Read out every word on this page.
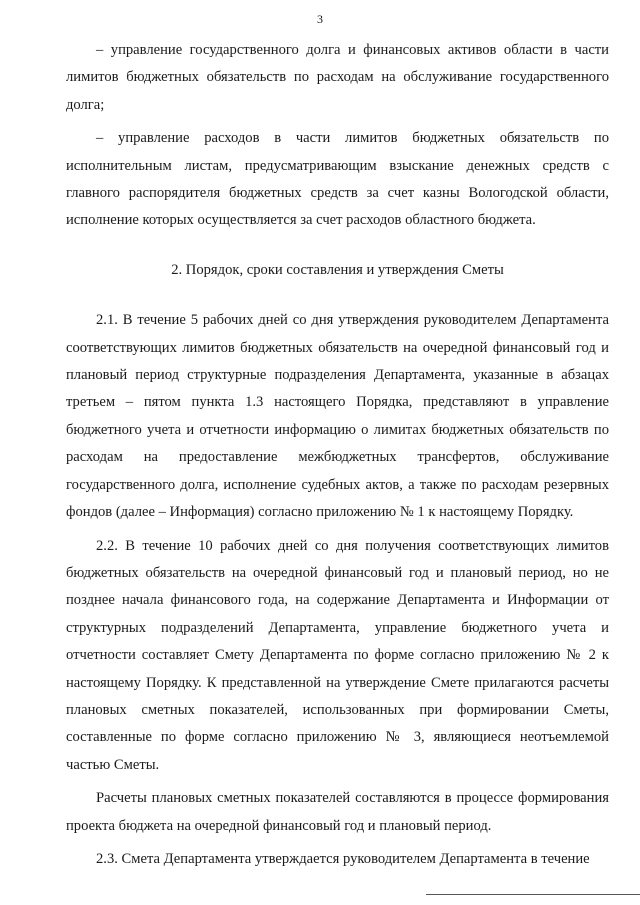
3

– управление государственного долга и финансовых активов области в части лимитов бюджетных обязательств по расходам на обслуживание государственного долга;

– управление расходов в части лимитов бюджетных обязательств по исполнительным листам, предусматривающим взыскание денежных средств с главного распорядителя бюджетных средств за счет казны Вологодской области, исполнение которых осуществляется за счет расходов областного бюджета.

2. Порядок, сроки составления и утверждения Сметы

2.1. В течение 5 рабочих дней со дня утверждения руководителем Департамента соответствующих лимитов бюджетных обязательств на очередной финансовый год и плановый период структурные подразделения Департамента, указанные в абзацах третьем – пятом пункта 1.3 настоящего Порядка, представляют в управление бюджетного учета и отчетности информацию о лимитах бюджетных обязательств по расходам на предоставление межбюджетных трансфертов, обслуживание государственного долга, исполнение судебных актов, а также по расходам резервных фондов (далее – Информация) согласно приложению № 1 к настоящему Порядку.

2.2. В течение 10 рабочих дней со дня получения соответствующих лимитов бюджетных обязательств на очередной финансовый год и плановый период, но не позднее начала финансового года, на содержание Департамента и Информации от структурных подразделений Департамента, управление бюджетного учета и отчетности составляет Смету Департамента по форме согласно приложению № 2 к настоящему Порядку. К представленной на утверждение Смете прилагаются расчеты плановых сметных показателей, использованных при формировании Сметы, составленные по форме согласно приложению № 3, являющиеся неотъемлемой частью Сметы.

Расчеты плановых сметных показателей составляются в процессе формирования проекта бюджета на очередной финансовый год и плановый период.

2.3. Смета Департамента утверждается руководителем Департамента в течение
